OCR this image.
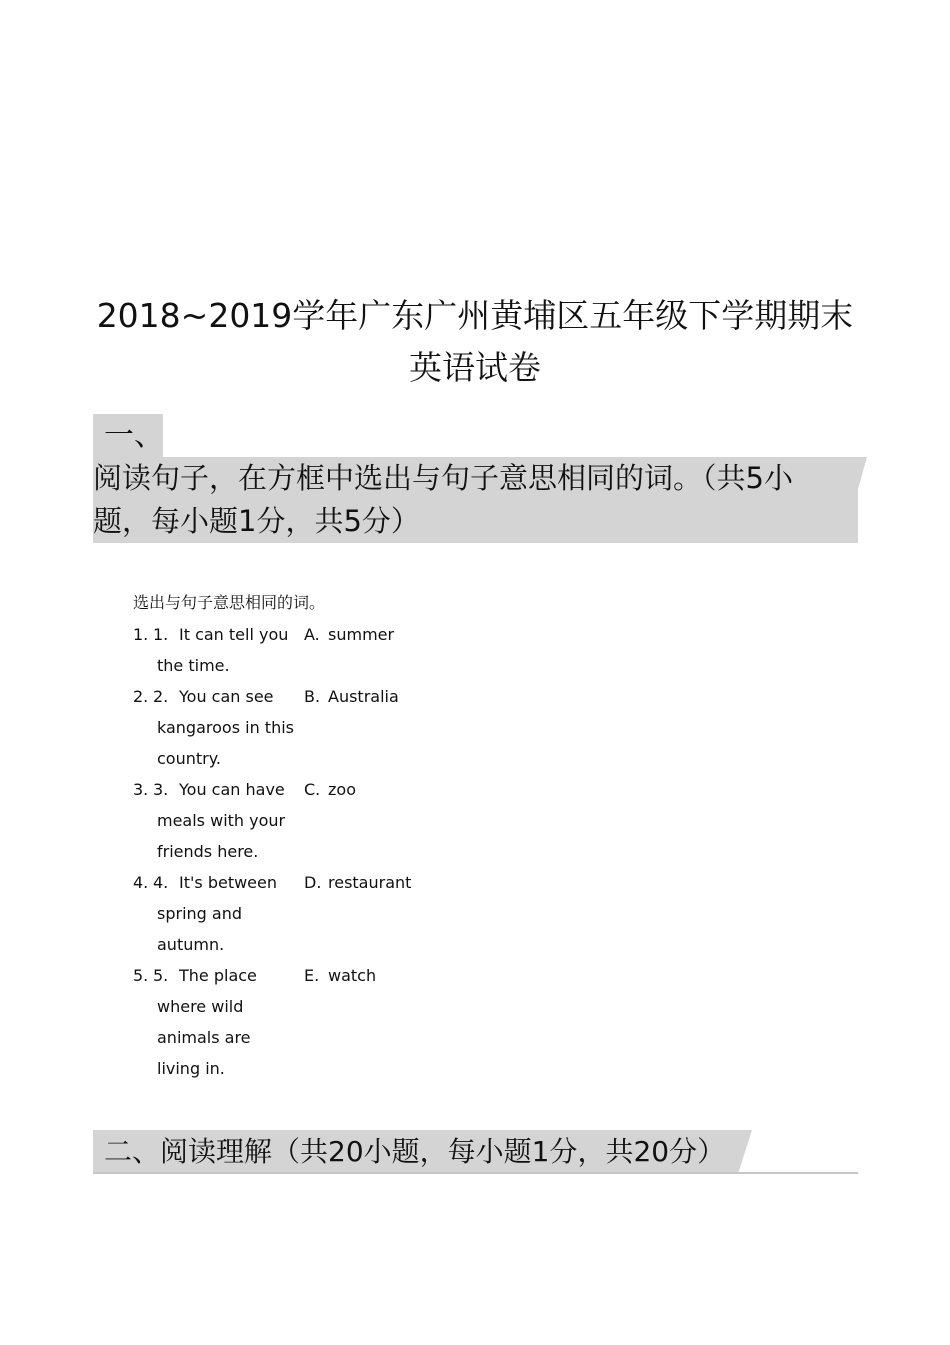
2018~2019学年广东广州黄埔区五年级下学期期末
英语试卷
一、
阅读句子，在方框中选出与句子意思相同的词。（共5小题，每小题1分，共5分）
选出与句子意思相同的词。
1. 1. It can tell you the time.
A. summer
2. 2. You can see kangaroos in this country.
B. Australia
3. 3. You can have meals with your friends here.
C. zoo
4. 4. It's between spring and autumn.
D. restaurant
5. 5. The place where wild animals are living in.
E. watch
二、阅读理解（共20小题，每小题1分，共20分）
